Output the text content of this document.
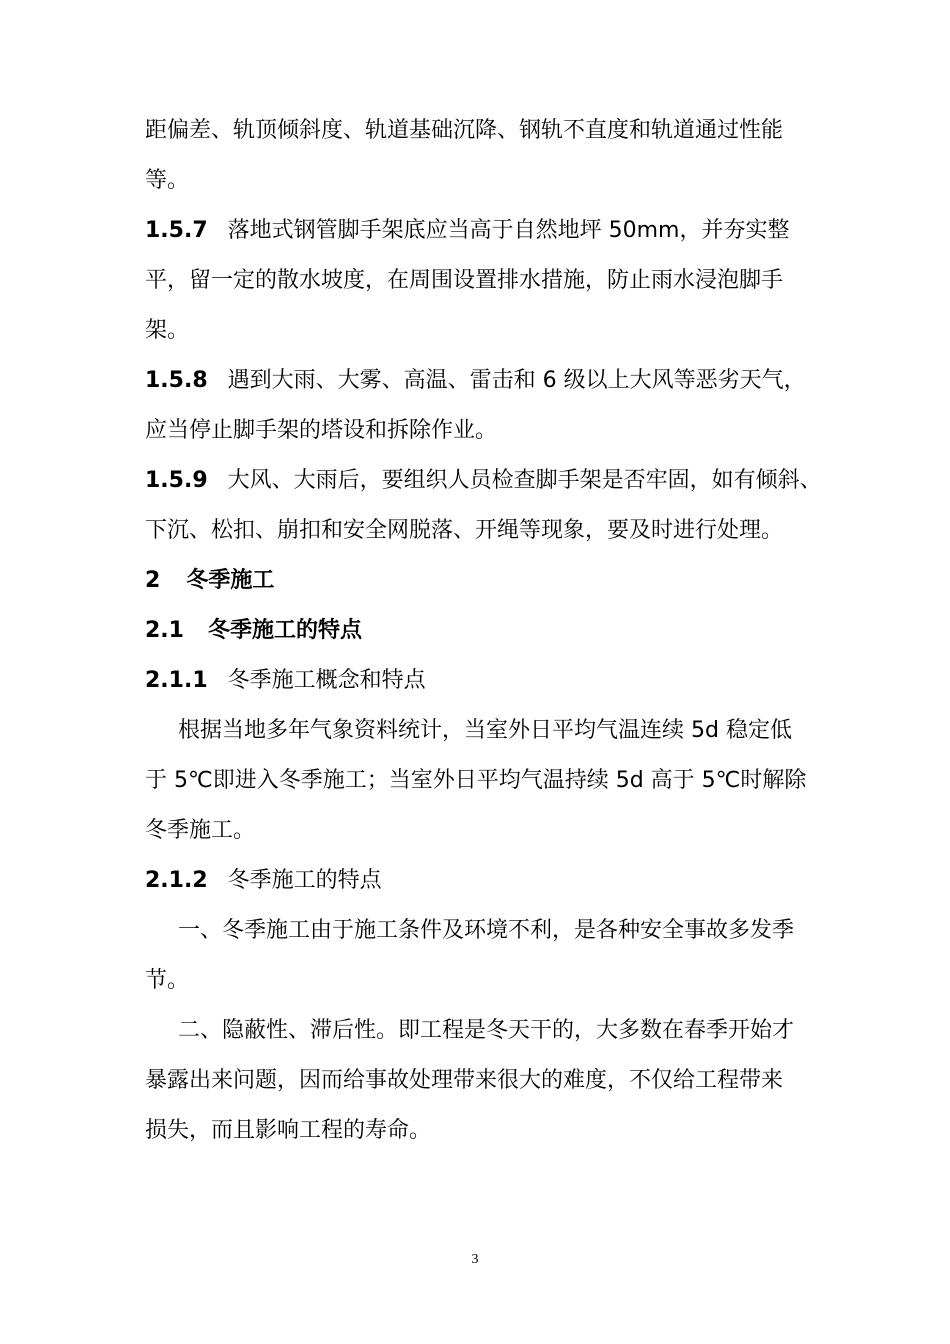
距偏差、轨顶倾斜度、轨道基础沉降、钢轨不直度和轨道通过性能
等。
1.5.7 落地式钢管脚手架底应当高于自然地坪 50mm，并夯实整
平，留一定的散水坡度，在周围设置排水措施，防止雨水浸泡脚手
架。
1.5.8 遇到大雨、大雾、高温、雷击和 6 级以上大风等恶劣天气，
应当停止脚手架的塔设和拆除作业。
1.5.9 大风、大雨后，要组织人员检查脚手架是否牢固，如有倾斜、
下沉、松扣、崩扣和安全网脱落、开绳等现象，要及时进行处理。
2 冬季施工
2.1 冬季施工的特点
2.1.1 冬季施工概念和特点
根据当地多年气象资料统计，当室外日平均气温连续 5d 稳定低
于 5℃即进入冬季施工；当室外日平均气温持续 5d 高于 5℃时解除
冬季施工。
2.1.2 冬季施工的特点
一、冬季施工由于施工条件及环境不利，是各种安全事故多发季
节。
二、隐蔽性、滞后性。即工程是冬天干的，大多数在春季开始才
暴露出来问题，因而给事故处理带来很大的难度，不仅给工程带来
损失，而且影响工程的寿命。
3
